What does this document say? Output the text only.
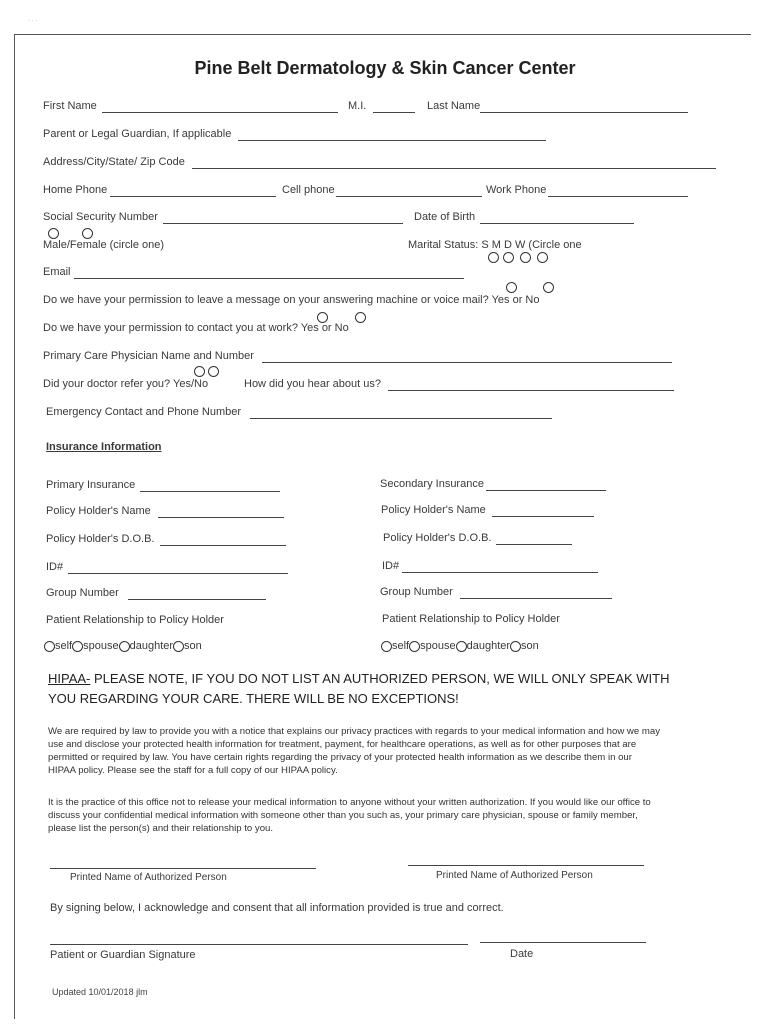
· · ·
Pine Belt Dermatology & Skin Cancer Center
First Name	M.I.	Last Name
Parent or Legal Guardian, If applicable
Address/City/State/ Zip Code
Home Phone	Cell phone	Work Phone
Social Security Number	Date of Birth
Male/Female (circle one)	Marital Status: S M D W (Circle one
Email
Do we have your permission to leave a message on your answering machine or voice mail? Yes or No
Do we have your permission to contact you at work? Yes or No
Primary Care Physician Name and Number
Did your doctor refer you? Yes/No	How did you hear about us?
Emergency Contact and Phone Number
Insurance Information
Primary Insurance	Secondary Insurance
Policy Holder's Name	Policy Holder's Name
Policy Holder's D.O.B.	Policy Holder's D.O.B.
ID#	ID#
Group Number	Group Number
Patient Relationship to Policy Holder	Patient Relationship to Policy Holder
self spouse daughter son	self spouse daughter son
HIPAA- PLEASE NOTE, IF YOU DO NOT LIST AN AUTHORIZED PERSON, WE WILL ONLY SPEAK WITH
YOU REGARDING YOUR CARE. THERE WILL BE NO EXCEPTIONS!
We are required by law to provide you with a notice that explains our privacy practices with regards to your medical information and how we may use and disclose your protected health information for treatment, payment, for healthcare operations, as well as for other purposes that are permitted or required by law. You have certain rights regarding the privacy of your protected health information as we describe them in our HIPAA policy. Please see the staff for a full copy of our HIPAA policy.
It is the practice of this office not to release your medical information to anyone without your written authorization. If you would like our office to discuss your confidential medical information with someone other than you such as, your primary care physician, spouse or family member, please list the person(s) and their relationship to you.
Printed Name of Authorized Person	Printed Name of Authorized Person
By signing below, I acknowledge and consent that all information provided is true and correct.
Patient or Guardian Signature	Date
Updated 10/01/2018 jlm
